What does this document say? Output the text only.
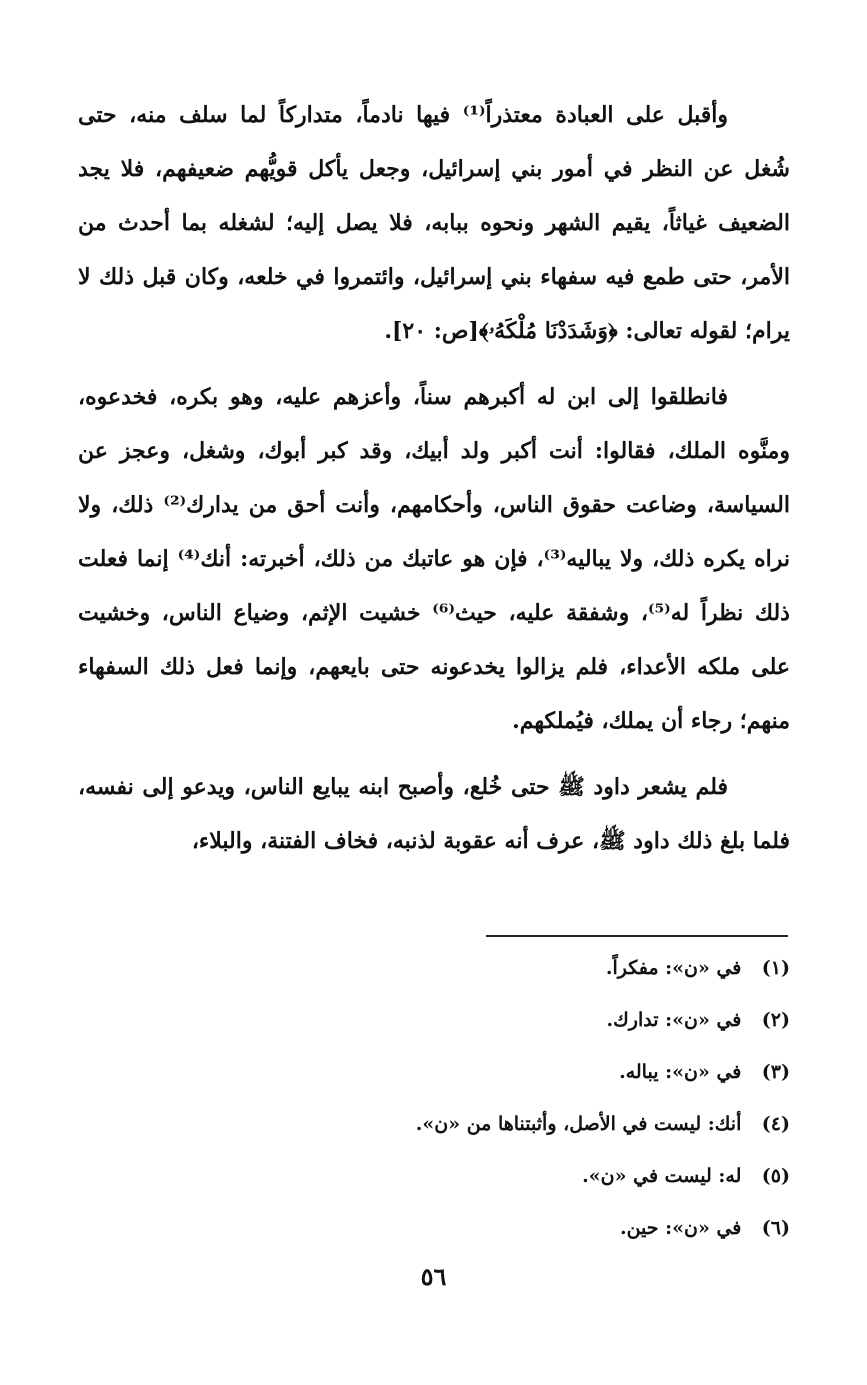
وأقبل على العبادة معتذراً⁽¹⁾ فيها نادماً، متداركاً لما سلف منه، حتى شُغل عن النظر في أمور بني إسرائيل، وجعل يأكل قويُّهم ضعيفهم، فلا يجد الضعيف غياثاً، يقيم الشهر ونحوه ببابه، فلا يصل إليه؛ لشغله بما أحدث من الأمر، حتى طمع فيه سفهاء بني إسرائيل، وائتمروا في خلعه، وكان قبل ذلك لا يرام؛ لقوله تعالى: ﴿وَشَدَدْنَا مُلْكَهُۥ﴾[ص: ٢٠].

فانطلقوا إلى ابن له أكبرهم سناً، وأعزهم عليه، وهو بكره، فخدعوه، ومنَّوه الملك، فقالوا: أنت أكبر ولد أبيك، وقد كبر أبوك، وشغل، وعجز عن السياسة، وضاعت حقوق الناس، وأحكامهم، وأنت أحق من يدارك⁽²⁾ ذلك، ولا نراه يكره ذلك، ولا يباليه⁽³⁾، فإن هو عاتبك من ذلك، أخبرته: أنك⁽⁴⁾ إنما فعلت ذلك نظراً له⁽⁵⁾، وشفقة عليه، حيث⁽⁶⁾ خشيت الإثم، وضياع الناس، وخشيت على ملكه الأعداء، فلم يزالوا يخدعونه حتى بايعهم، وإنما فعل ذلك السفهاء منهم؛ رجاء أن يملك، فيُملكهم.

فلم يشعر داود ﷺ حتى خُلع، وأصبح ابنه يبايع الناس، ويدعو إلى نفسه، فلما بلغ ذلك داود ﷺ، عرف أنه عقوبة لذنبه، فخاف الفتنة، والبلاء،

(١) في «ن»: مفكراً.
(٢) في «ن»: تدارك.
(٣) في «ن»: يباله.
(٤) أنك: ليست في الأصل، وأثبتناها من «ن».
(٥) له: ليست في «ن».
(٦) في «ن»: حين.
٥٦
